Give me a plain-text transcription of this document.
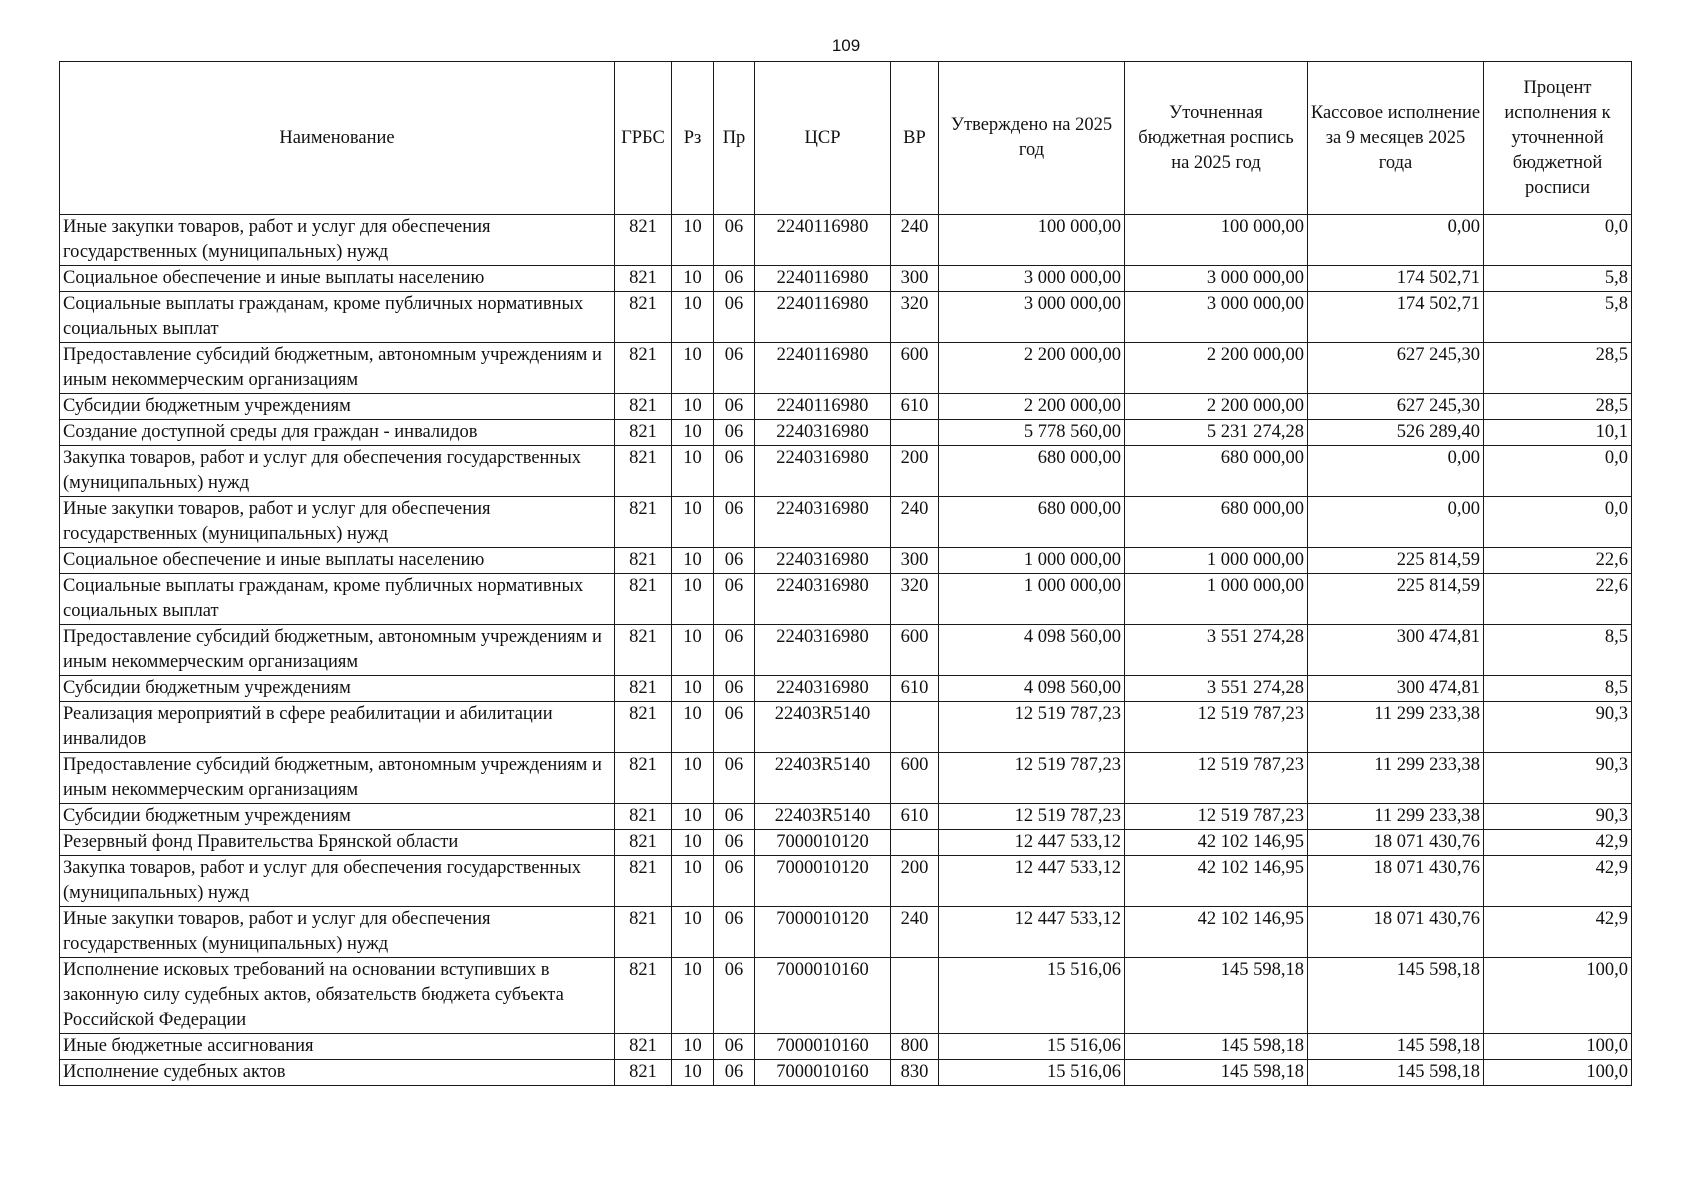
109
Наименование	ГРБС	Рз	Пр	ЦСР	ВР	Утверждено на 2025 год	Уточненная бюджетная роспись на 2025 год	Кассовое исполнение за 9 месяцев 2025 года	Процент исполнения к уточненной бюджетной росписи
Иные закупки товаров, работ и услуг для обеспечения государственных (муниципальных) нужд	821	10	06	2240116980	240	100 000,00	100 000,00	0,00	0,0
Социальное обеспечение и иные выплаты населению	821	10	06	2240116980	300	3 000 000,00	3 000 000,00	174 502,71	5,8
Социальные выплаты гражданам, кроме публичных нормативных социальных выплат	821	10	06	2240116980	320	3 000 000,00	3 000 000,00	174 502,71	5,8
Предоставление субсидий бюджетным, автономным учреждениям и иным некоммерческим организациям	821	10	06	2240116980	600	2 200 000,00	2 200 000,00	627 245,30	28,5
Субсидии бюджетным учреждениям	821	10	06	2240116980	610	2 200 000,00	2 200 000,00	627 245,30	28,5
Создание доступной среды для граждан - инвалидов	821	10	06	2240316980		5 778 560,00	5 231 274,28	526 289,40	10,1
Закупка товаров, работ и услуг для обеспечения государственных (муниципальных) нужд	821	10	06	2240316980	200	680 000,00	680 000,00	0,00	0,0
Иные закупки товаров, работ и услуг для обеспечения государственных (муниципальных) нужд	821	10	06	2240316980	240	680 000,00	680 000,00	0,00	0,0
Социальное обеспечение и иные выплаты населению	821	10	06	2240316980	300	1 000 000,00	1 000 000,00	225 814,59	22,6
Социальные выплаты гражданам, кроме публичных нормативных социальных выплат	821	10	06	2240316980	320	1 000 000,00	1 000 000,00	225 814,59	22,6
Предоставление субсидий бюджетным, автономным учреждениям и иным некоммерческим организациям	821	10	06	2240316980	600	4 098 560,00	3 551 274,28	300 474,81	8,5
Субсидии бюджетным учреждениям	821	10	06	2240316980	610	4 098 560,00	3 551 274,28	300 474,81	8,5
Реализация мероприятий в сфере реабилитации и абилитации инвалидов	821	10	06	22403R5140		12 519 787,23	12 519 787,23	11 299 233,38	90,3
Предоставление субсидий бюджетным, автономным учреждениям и иным некоммерческим организациям	821	10	06	22403R5140	600	12 519 787,23	12 519 787,23	11 299 233,38	90,3
Субсидии бюджетным учреждениям	821	10	06	22403R5140	610	12 519 787,23	12 519 787,23	11 299 233,38	90,3
Резервный фонд Правительства Брянской области	821	10	06	7000010120		12 447 533,12	42 102 146,95	18 071 430,76	42,9
Закупка товаров, работ и услуг для обеспечения государственных (муниципальных) нужд	821	10	06	7000010120	200	12 447 533,12	42 102 146,95	18 071 430,76	42,9
Иные закупки товаров, работ и услуг для обеспечения государственных (муниципальных) нужд	821	10	06	7000010120	240	12 447 533,12	42 102 146,95	18 071 430,76	42,9
Исполнение исковых требований на основании вступивших в законную силу судебных актов, обязательств бюджета субъекта Российской Федерации	821	10	06	7000010160		15 516,06	145 598,18	145 598,18	100,0
Иные бюджетные ассигнования	821	10	06	7000010160	800	15 516,06	145 598,18	145 598,18	100,0
Исполнение судебных актов	821	10	06	7000010160	830	15 516,06	145 598,18	145 598,18	100,0
